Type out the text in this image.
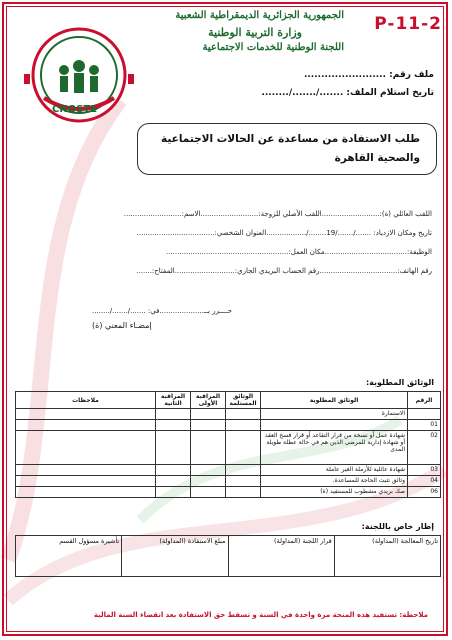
الجمهورية الجزائرية الديمقراطية الشعبية
وزارة التربية الوطنية
اللجنة الوطنية للخدمات الاجتماعية
P-11-2
CNOSTE
ملف رقم: ........................
تاريخ استلام الملف: ......./......./........
طلب الاستفادة من مساعدة عن الحالات الاجتماعية
والصحية القاهرة
اللقب العائلي (ة):..........................اللقب الأصلي للزوجة:..........................الاسم:..........................
تاريخ ومكان الازدياد: ......./......./19......../..................العنوان الشخصي:...................................
الوظيفة:.....................................مكان العمل:.......................................................
رقم الهاتف:...................................رقم الحساب البريدي الجاري:...........................المفتاح:.......
حــــرر بــ....................في: ......./......./........
إمضـاء المعني (ة)
الوثائق المطلوبة:
الرقم	الوثائق المطلوبة	الوثائق المستلمة	المراقبة الأولى	المراقبة الثانية	ملاحظات
	الاستمارة				
01					
02	شهادة عمل أو نسخة من قرار التقاعد أو قرار فسخ العقد أو شهادة إدارية للمرضى الذين هم في حالة عطلة طويلة المدى				
03	شهادة عائلية للأرملة الغير عاملة				
04	وثائق تثبت الحاجة للمساعدة.				
06	صك بريدي مشطوب للمستفيد (ة)				
إطار خاص باللجنة:
تاريخ المعالجة (المداولة)	قرار اللجنة (المداولة)	مبلغ الاستفادة (المداولة)	تأشيرة مسؤول القسم
ملاحظة: تستفيد هذه المنحة مرة واحدة في السنة و تسقط حق الاستفادة بعد انقضاء السنة المالية
